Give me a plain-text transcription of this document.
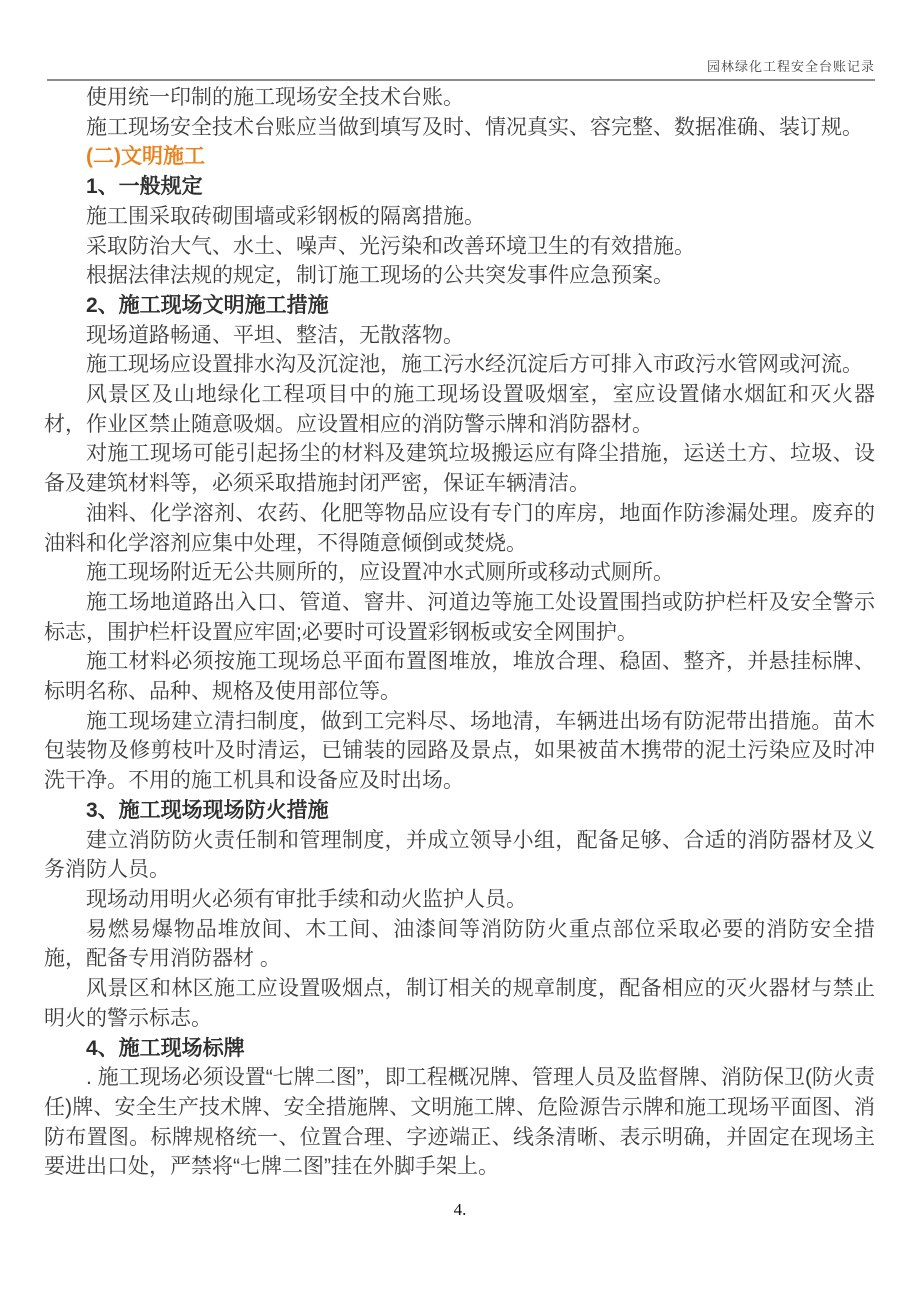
园林绿化工程安全台账记录

使用统一印制的施工现场安全技术台账。

施工现场安全技术台账应当做到填写及时、情况真实、容完整、数据准确、装订规。

(二)文明施工

1、一般规定

施工围采取砖砌围墙或彩钢板的隔离措施。

采取防治大气、水土、噪声、光污染和改善环境卫生的有效措施。

根据法律法规的规定，制订施工现场的公共突发事件应急预案。

2、施工现场文明施工措施

现场道路畅通、平坦、整洁，无散落物。

施工现场应设置排水沟及沉淀池，施工污水经沉淀后方可排入市政污水管网或河流。

风景区及山地绿化工程项目中的施工现场设置吸烟室，室应设置储水烟缸和灭火器材，作业区禁止随意吸烟。应设置相应的消防警示牌和消防器材。

对施工现场可能引起扬尘的材料及建筑垃圾搬运应有降尘措施，运送土方、垃圾、设备及建筑材料等，必须采取措施封闭严密，保证车辆清洁。

油料、化学溶剂、农药、化肥等物品应设有专门的库房，地面作防渗漏处理。废弃的油料和化学溶剂应集中处理，不得随意倾倒或焚烧。

施工现场附近无公共厕所的，应设置冲水式厕所或移动式厕所。

施工场地道路出入口、管道、窨井、河道边等施工处设置围挡或防护栏杆及安全警示标志，围护栏杆设置应牢固;必要时可设置彩钢板或安全网围护。

施工材料必须按施工现场总平面布置图堆放，堆放合理、稳固、整齐，并悬挂标牌、标明名称、品种、规格及使用部位等。

施工现场建立清扫制度，做到工完料尽、场地清，车辆进出场有防泥带出措施。苗木包装物及修剪枝叶及时清运，已铺装的园路及景点，如果被苗木携带的泥土污染应及时冲洗干净。不用的施工机具和设备应及时出场。

3、施工现场现场防火措施

建立消防防火责任制和管理制度，并成立领导小组，配备足够、合适的消防器材及义务消防人员。

现场动用明火必须有审批手续和动火监护人员。

易燃易爆物品堆放间、木工间、油漆间等消防防火重点部位采取必要的消防安全措施，配备专用消防器材 。

风景区和林区施工应设置吸烟点，制订相关的规章制度，配备相应的灭火器材与禁止明火的警示标志。

4、施工现场标牌

. 施工现场必须设置“七牌二图”，即工程概况牌、管理人员及监督牌、消防保卫(防火责任)牌、安全生产技术牌、安全措施牌、文明施工牌、危险源告示牌和施工现场平面图、消防布置图。标牌规格统一、位置合理、字迹端正、线条清晰、表示明确，并固定在现场主要进出口处，严禁将“七牌二图”挂在外脚手架上。

4.
